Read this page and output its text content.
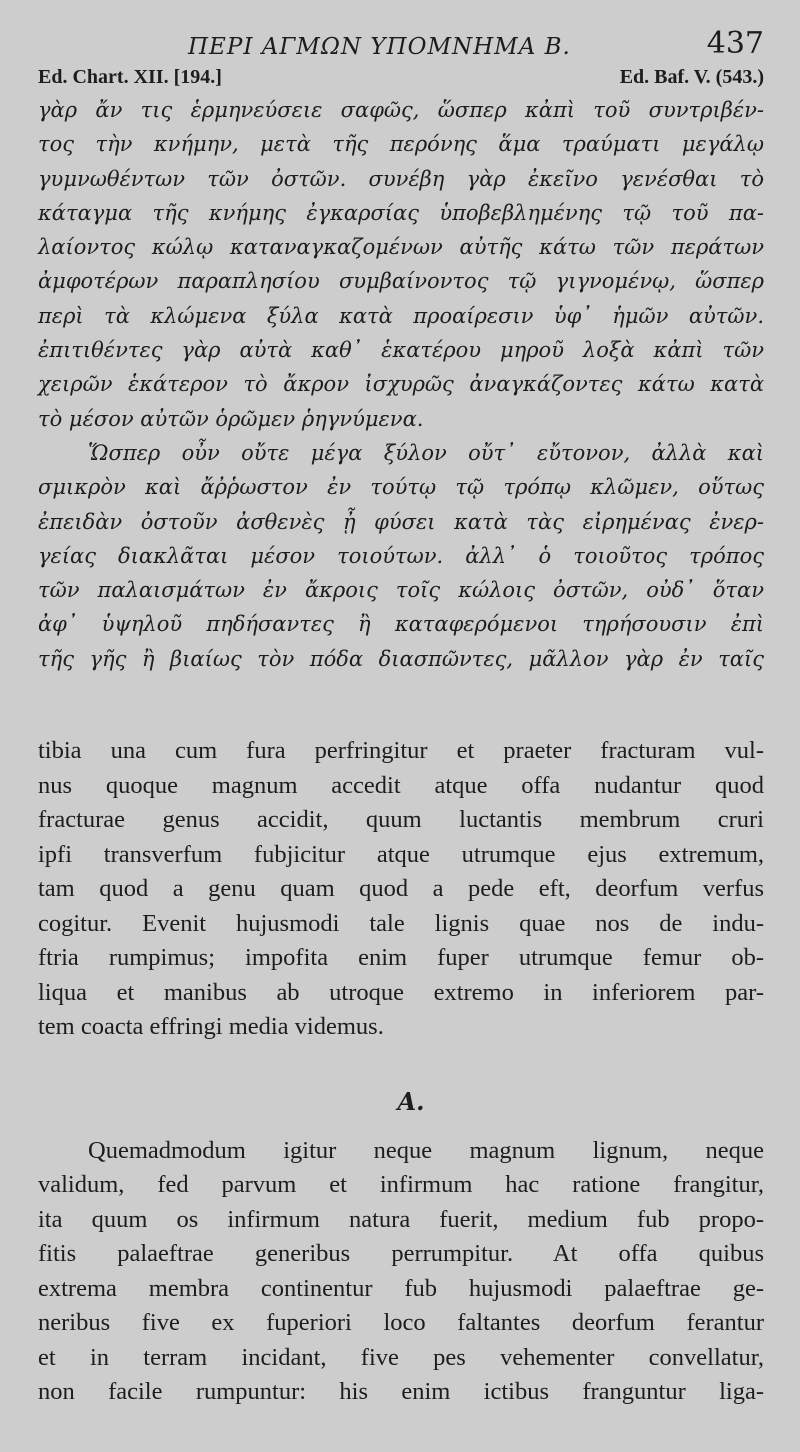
ΠΕΡΙ ΑΓΜΩΝ ΥΠΟΜΝΗΜΑ Β.	437
Ed. Chart. XII. [194.]	Ed. Baf. V. (543.)
γὰρ ἄν τις ἑρμηνεύσειε σαφῶς, ὥσπερ κἀπὶ τοῦ συντριβέν-
τος τὴν κνήμην, μετὰ τῆς περόνης ἅμα τραύματι μεγάλῳ
γυμνωθέντων τῶν ὀστῶν. συνέβη γὰρ ἐκεῖνο γενέσθαι τὸ
κάταγμα τῆς κνήμης ἐγκαρσίας ὑποβεβλημένης τῷ τοῦ πα-
λαίοντος κώλῳ καταναγκαζομένων αὐτῆς κάτω τῶν περάτων
ἀμφοτέρων παραπλησίου συμβαίνοντος τῷ γιγνομένῳ, ὥσπερ
περὶ τὰ κλώμενα ξύλα κατὰ προαίρεσιν ὑφ᾽ ἡμῶν αὐτῶν.
ἐπιτιθέντες γὰρ αὐτὰ καθ᾽ ἑκατέρου μηροῦ λοξὰ κἀπὶ τῶν
χειρῶν ἑκάτερον τὸ ἄκρον ἰσχυρῶς ἀναγκάζοντες κάτω κατὰ
τὸ μέσον αὐτῶν ὁρῶμεν ῥηγνύμενα.
Ὥσπερ οὖν οὔτε μέγα ξύλον οὔτ᾽ εὔτονον, ἀλλὰ καὶ
σμικρὸν καὶ ἄῤῥωστον ἐν τούτῳ τῷ τρόπῳ κλῶμεν, οὕτως
ἐπειδὰν ὀστοῦν ἀσθενὲς ᾖ φύσει κατὰ τὰς εἰρημένας ἐνερ-
γείας διακλᾶται μέσον τοιούτων. ἀλλ᾽ ὁ τοιοῦτος τρόπος
τῶν παλαισμάτων ἐν ἄκροις τοῖς κώλοις ὀστῶν, οὐδ᾽ ὅταν
ἀφ᾽ ὑψηλοῦ πηδήσαντες ἢ καταφερόμενοι τηρήσουσιν ἐπὶ
τῆς γῆς ἢ βιαίως τὸν πόδα διασπῶντες, μᾶλλον γὰρ ἐν ταῖς
tibia una cum fura perfringitur et praeter fracturam vul-
nus quoque magnum accedit atque offa nudantur quod
fracturae genus accidit, quum luctantis membrum cruri
ipfi transverfum fubjicitur atque utrumque ejus extremum,
tam quod a genu quam quod a pede eft, deorfum verfus
cogitur. Evenit hujusmodi tale lignis quae nos de indu-
ftria rumpimus; impofita enim fuper utrumque femur ob-
liqua et manibus ab utroque extremo in inferiorem par-
tem coacta effringi media videmus.
A.
Quemadmodum igitur neque magnum lignum, neque
validum, fed parvum et infirmum hac ratione frangitur,
ita quum os infirmum natura fuerit, medium fub propo-
fitis palaeftrae generibus perrumpitur. At offa quibus
extrema membra continentur fub hujusmodi palaeftrae ge-
neribus five ex fuperiori loco faltantes deorfum ferantur
et in terram incidant, five pes vehementer convellatur,
non facile rumpuntur: his enim ictibus franguntur liga-
